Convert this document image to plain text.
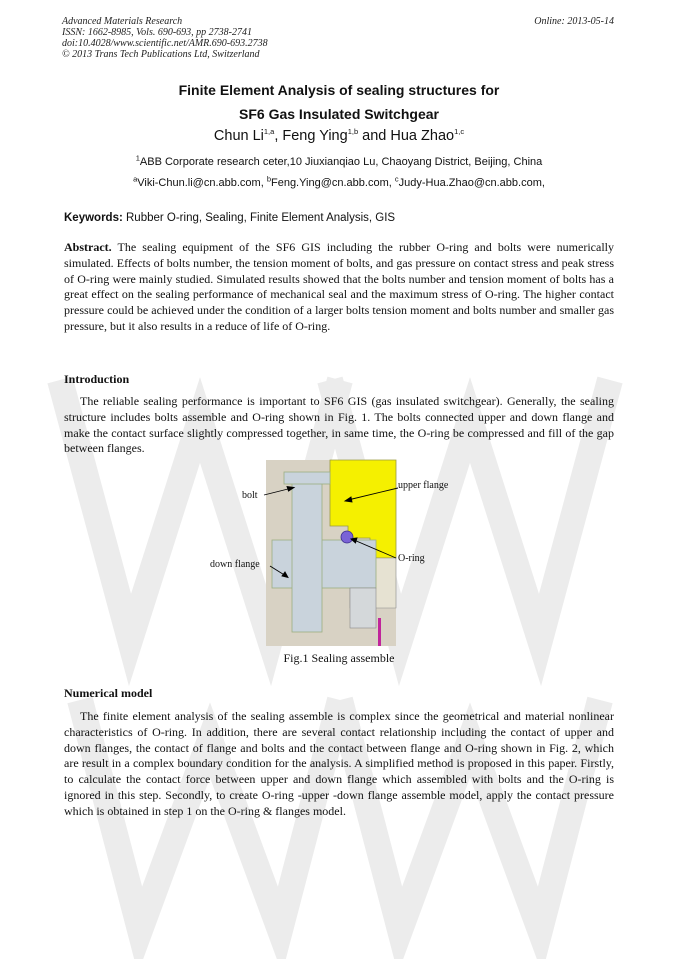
Advanced Materials Research
ISSN: 1662-8985, Vols. 690-693, pp 2738-2741
doi:10.4028/www.scientific.net/AMR.690-693.2738
© 2013 Trans Tech Publications Ltd, Switzerland
Online: 2013-05-14
Finite Element Analysis of sealing structures for
SF6 Gas Insulated Switchgear
Chun Li$^{1,a}$, Feng Ying$^{1,b}$ and Hua Zhao$^{1,c}$
$^1$ABB Corporate research ceter,10 Jiuxianqiao Lu, Chaoyang District, Beijing, China
$^a$Viki-Chun.li@cn.abb.com, $^b$Feng.Ying@cn.abb.com, $^c$Judy-Hua.Zhao@cn.abb.com,
Keywords: Rubber O-ring, Sealing, Finite Element Analysis, GIS

Abstract. The sealing equipment of the SF6 GIS including the rubber O-ring and bolts were numerically simulated. Effects of bolts number, the tension moment of bolts, and gas pressure on contact stress and peak stress of O-ring were mainly studied. Simulated results showed that the bolts number and tension moment of bolts has a great effect on the sealing performance of mechanical seal and the maximum stress of O-ring. The higher contact pressure could be achieved under the condition of a larger bolts tension moment and bolts number and smaller gas pressure, but it also results in a reduce of life of O-ring.

Introduction

The reliable sealing performance is important to SF6 GIS (gas insulated switchgear). Generally, the sealing structure includes bolts assemble and O-ring shown in Fig. 1. The bolts connected upper and down flange and make the contact surface slightly compressed together, in same time, the O-ring be compressed and fill of the gap between flanges.

bolt
upper flange
down flange
O-ring
Fig.1 Sealing assemble
Numerical model

The finite element analysis of the sealing assemble is complex since the geometrical and material nonlinear characteristics of O-ring. In addition, there are several contact relationship including the contact of upper and down flanges, the contact of flange and bolts and the contact between flange and O-ring shown in Fig. 2, which are result in a complex boundary condition for the analysis. A simplified method is proposed in this paper. Firstly, to calculate the contact force between upper and down flange which assembled with bolts and the O-ring is ignored in this step. Secondly, to create O-ring -upper -down flange assemble model, apply the contact pressure which is obtained in step 1 on the O-ring & flanges model.
